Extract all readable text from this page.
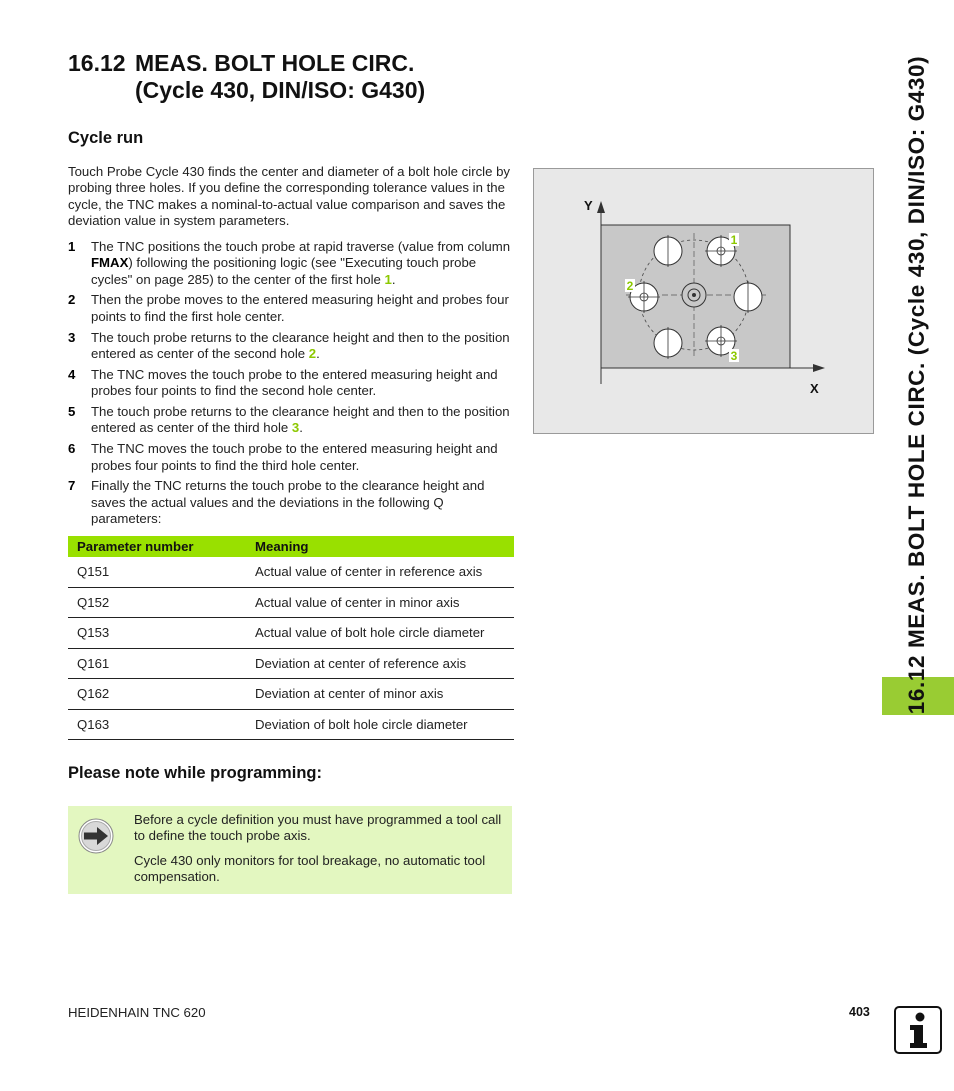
16.12 MEAS. BOLT HOLE CIRC.
(Cycle 430, DIN/ISO: G430)
Cycle run
Touch Probe Cycle 430 finds the center and diameter of a bolt hole circle by probing three holes. If you define the corresponding tolerance values in the cycle, the TNC makes a nominal-to-actual value comparison and saves the deviation value in system parameters.
1 The TNC positions the touch probe at rapid traverse (value from column FMAX) following the positioning logic (see "Executing touch probe cycles" on page 285) to the center of the first hole 1.
2 Then the probe moves to the entered measuring height and probes four points to find the first hole center.
3 The touch probe returns to the clearance height and then to the position entered as center of the second hole 2.
4 The TNC moves the touch probe to the entered measuring height and probes four points to find the second hole center.
5 The touch probe returns to the clearance height and then to the position entered as center of the third hole 3.
6 The TNC moves the touch probe to the entered measuring height and probes four points to find the third hole center.
7 Finally the TNC returns the touch probe to the clearance height and saves the actual values and the deviations in the following Q parameters:
Parameter number	Meaning
Q151	Actual value of center in reference axis
Q152	Actual value of center in minor axis
Q153	Actual value of bolt hole circle diameter
Q161	Deviation at center of reference axis
Q162	Deviation at center of minor axis
Q163	Deviation of bolt hole circle diameter
Please note while programming:

Before a cycle definition you must have programmed a tool call to define the touch probe axis.

Cycle 430 only monitors for tool breakage, no automatic tool compensation.

1
2
3
Y
X	16.12 MEAS. BOLT HOLE CIRC. (Cycle 430, DIN/ISO: G430)
HEIDENHAIN TNC 620	403
